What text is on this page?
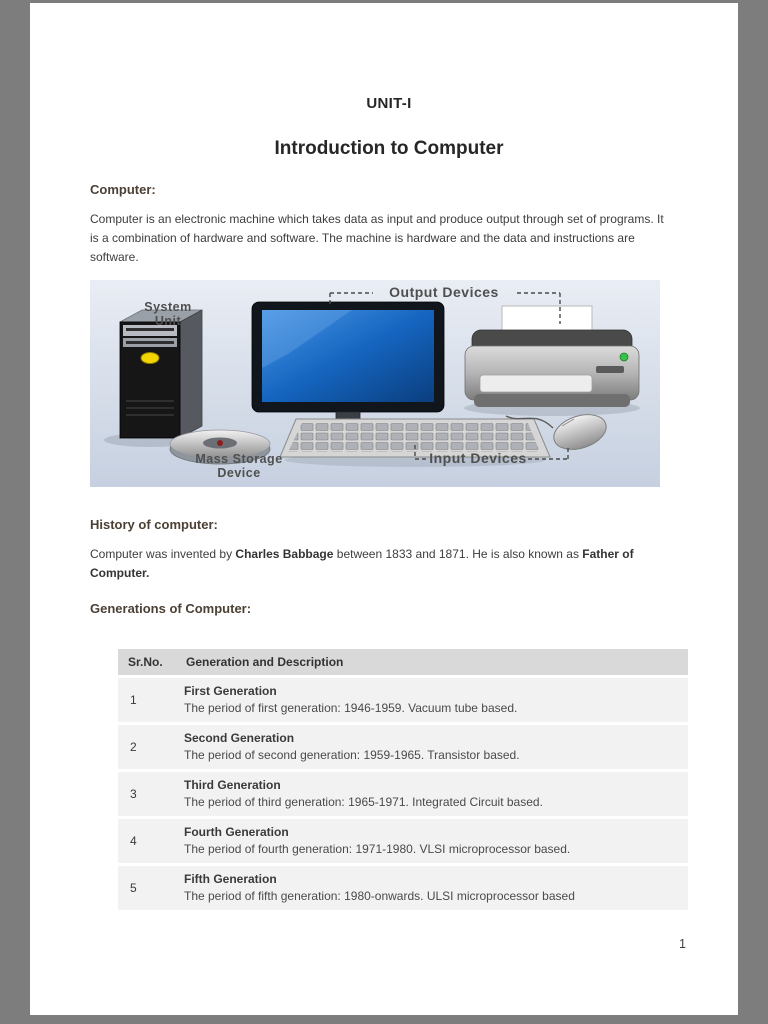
UNIT-I
Introduction to Computer
Computer:

Computer is an electronic machine which takes data as input and produce output through set of programs. It is a combination of hardware and software. The machine is hardware and the data and instructions are software.

System
Unit
Output Devices
Mass Storage
Device
Input Devices
History of computer:

Computer was invented by Charles Babbage between 1833 and 1871. He is also known as Father of Computer.

Generations of Computer:
Sr.No.	Generation and Description
1	First Generation
The period of first generation: 1946-1959. Vacuum tube based.

2	Second Generation
The period of second generation: 1959-1965. Transistor based.

3	Third Generation
The period of third generation: 1965-1971. Integrated Circuit based.

4	Fourth Generation
The period of fourth generation: 1971-1980. VLSI microprocessor based.

5	Fifth Generation
The period of fifth generation: 1980-onwards. ULSI microprocessor based
1
